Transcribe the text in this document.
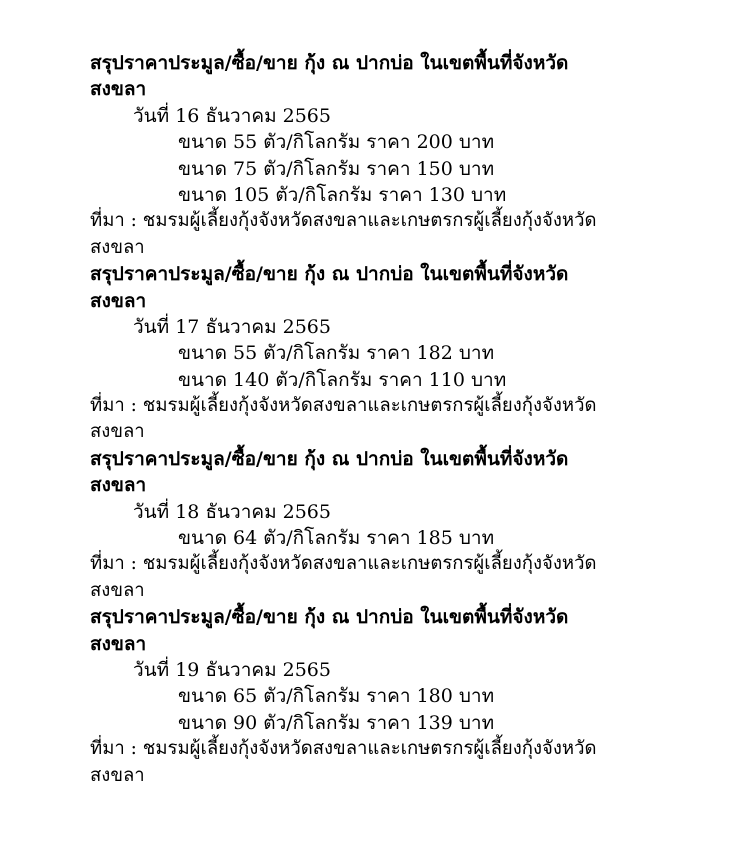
สรุปราคาประมูล/ซื้อ/ขาย กุ้ง ณ ปากบ่อ ในเขตพื้นที่จังหวัด
สงขลา
วันที่ 16 ธันวาคม 2565
ขนาด 55 ตัว/กิโลกรัม ราคา 200 บาท
ขนาด 75 ตัว/กิโลกรัม ราคา 150 บาท
ขนาด 105 ตัว/กิโลกรัม ราคา 130 บาท
ที่มา : ชมรมผู้เลี้ยงกุ้งจังหวัดสงขลาและเกษตรกรผู้เลี้ยงกุ้งจังหวัด
สงขลา
สรุปราคาประมูล/ซื้อ/ขาย กุ้ง ณ ปากบ่อ ในเขตพื้นที่จังหวัด
สงขลา
วันที่ 17 ธันวาคม 2565
ขนาด 55 ตัว/กิโลกรัม ราคา 182 บาท
ขนาด 140 ตัว/กิโลกรัม ราคา 110 บาท
ที่มา : ชมรมผู้เลี้ยงกุ้งจังหวัดสงขลาและเกษตรกรผู้เลี้ยงกุ้งจังหวัด
สงขลา
สรุปราคาประมูล/ซื้อ/ขาย กุ้ง ณ ปากบ่อ ในเขตพื้นที่จังหวัด
สงขลา
วันที่ 18 ธันวาคม 2565
ขนาด 64 ตัว/กิโลกรัม ราคา 185 บาท
ที่มา : ชมรมผู้เลี้ยงกุ้งจังหวัดสงขลาและเกษตรกรผู้เลี้ยงกุ้งจังหวัด
สงขลา
สรุปราคาประมูล/ซื้อ/ขาย กุ้ง ณ ปากบ่อ ในเขตพื้นที่จังหวัด
สงขลา
วันที่ 19 ธันวาคม 2565
ขนาด 65 ตัว/กิโลกรัม ราคา 180 บาท
ขนาด 90 ตัว/กิโลกรัม ราคา 139 บาท
ที่มา : ชมรมผู้เลี้ยงกุ้งจังหวัดสงขลาและเกษตรกรผู้เลี้ยงกุ้งจังหวัด
สงขลา
